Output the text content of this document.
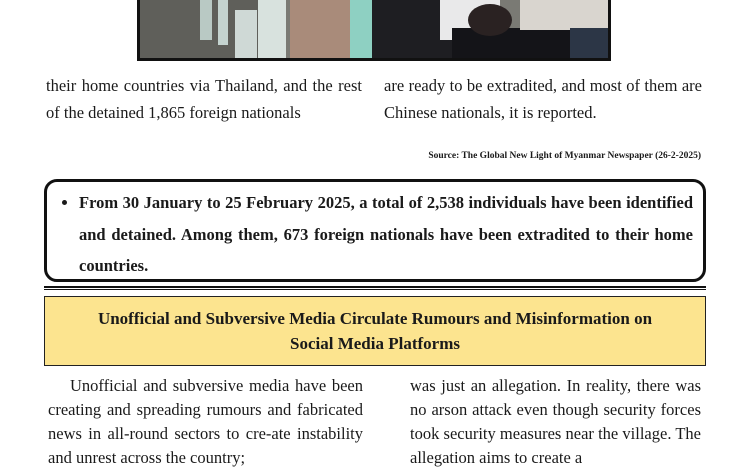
their home countries via Thailand, and the rest of the detained 1,865 foreign nationals

are ready to be extradited, and most of them are Chinese nationals, it is reported.

Source: The Global New Light of Myanmar Newspaper (26-2-2025)
• From 30 January to 25 February 2025, a total of 2,538 individuals have been identified and detained. Among them, 673 foreign nationals have been extradited to their home countries.
Unofficial and Subversive Media Circulate Rumours and Misinformation on
Social Media Platforms

Unofficial and subversive media have been creating and spreading rumours and fabricated news in all-round sectors to cre-ate instability and unrest across the country;

was just an allegation. In reality, there was no arson attack even though security forces took security measures near the village. The allegation aims to create a
